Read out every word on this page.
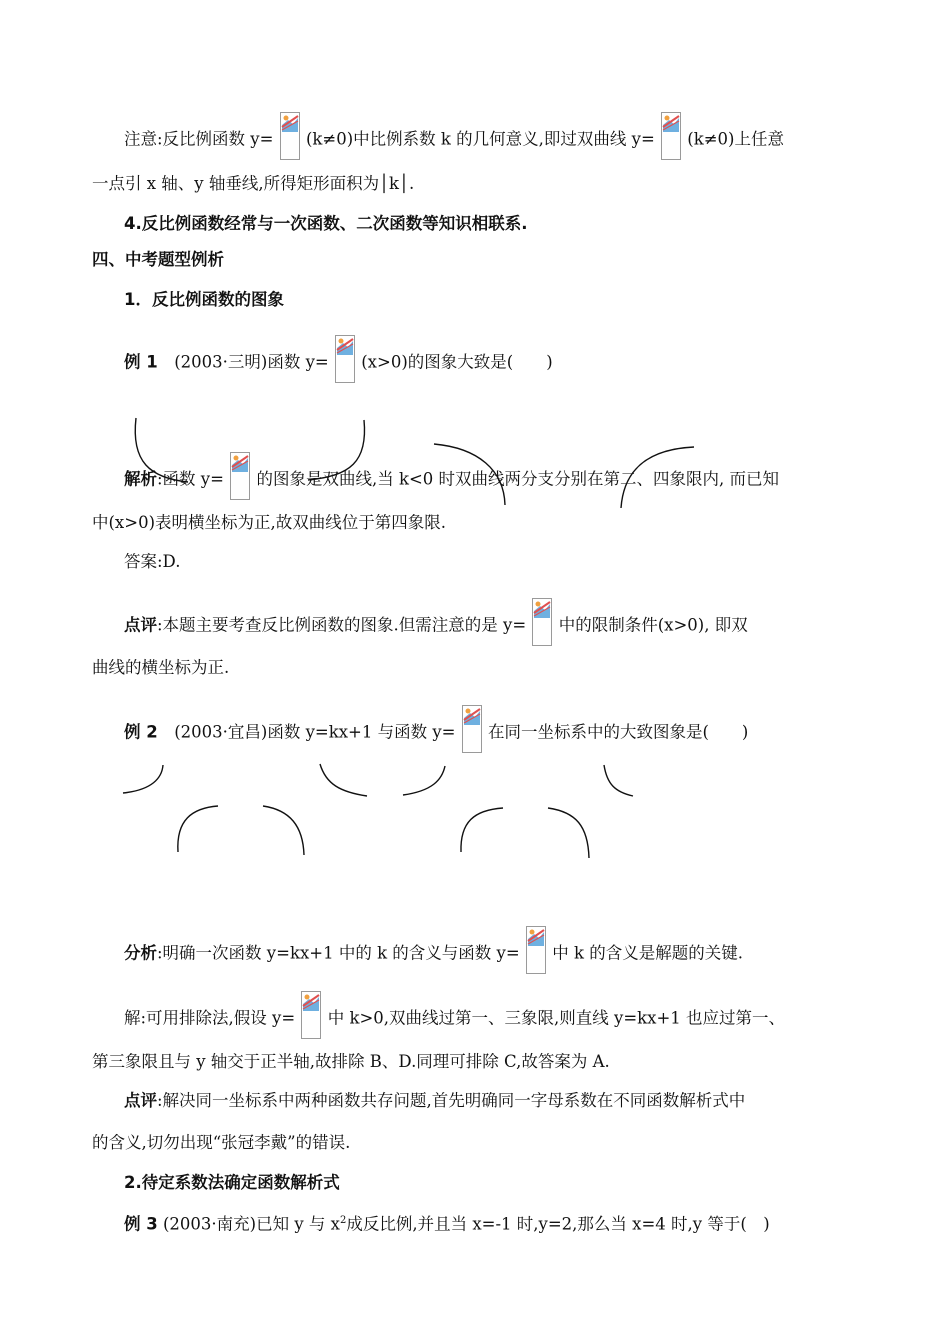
注意:反比例函数 y=
(k≠0)中比例系数 k 的几何意义,即过双曲线 y= (k≠0)上任意
一点引 x 轴、y 轴垂线,所得矩形面积为│k│.
4.反比例函数经常与一次函数、二次函数等知识相联系.
四、中考题型例析
1．反比例函数的图象
例 1　(2003·三明)函数 y=
(x>0)的图象大致是(　　)
解析:函数 y= 的图象是双曲线,当 k<0 时双曲线两分支分别在第二、四象限内, 而已知
中(x>0)表明横坐标为正,故双曲线位于第四象限.
答案:D.
点评:本题主要考查反比例函数的图象.但需注意的是 y=
中的限制条件(x>0), 即双
曲线的横坐标为正.
例 2　(2003·宜昌)函数 y=kx+1 与函数 y= 在同一坐标系中的大致图象是(　　)
分析:明确一次函数 y=kx+1 中的 k 的含义与函数 y= 中 k 的含义是解题的关键.
解:可用排除法,假设 y= 中 k>0,双曲线过第一、三象限,则直线 y=kx+1 也应过第一、
第三象限且与 y 轴交于正半轴,故排除 B、D.同理可排除 C,故答案为 A.
点评:解决同一坐标系中两种函数共存问题,首先明确同一字母系数在不同函数解析式中
的含义,切勿出现“张冠李戴”的错误.
2.待定系数法确定函数解析式
例 3 (2003·南充)已知 y 与 $x^2$成反比例,并且当 x=-1 时,y=2,那么当 x=4 时,y 等于(　)
